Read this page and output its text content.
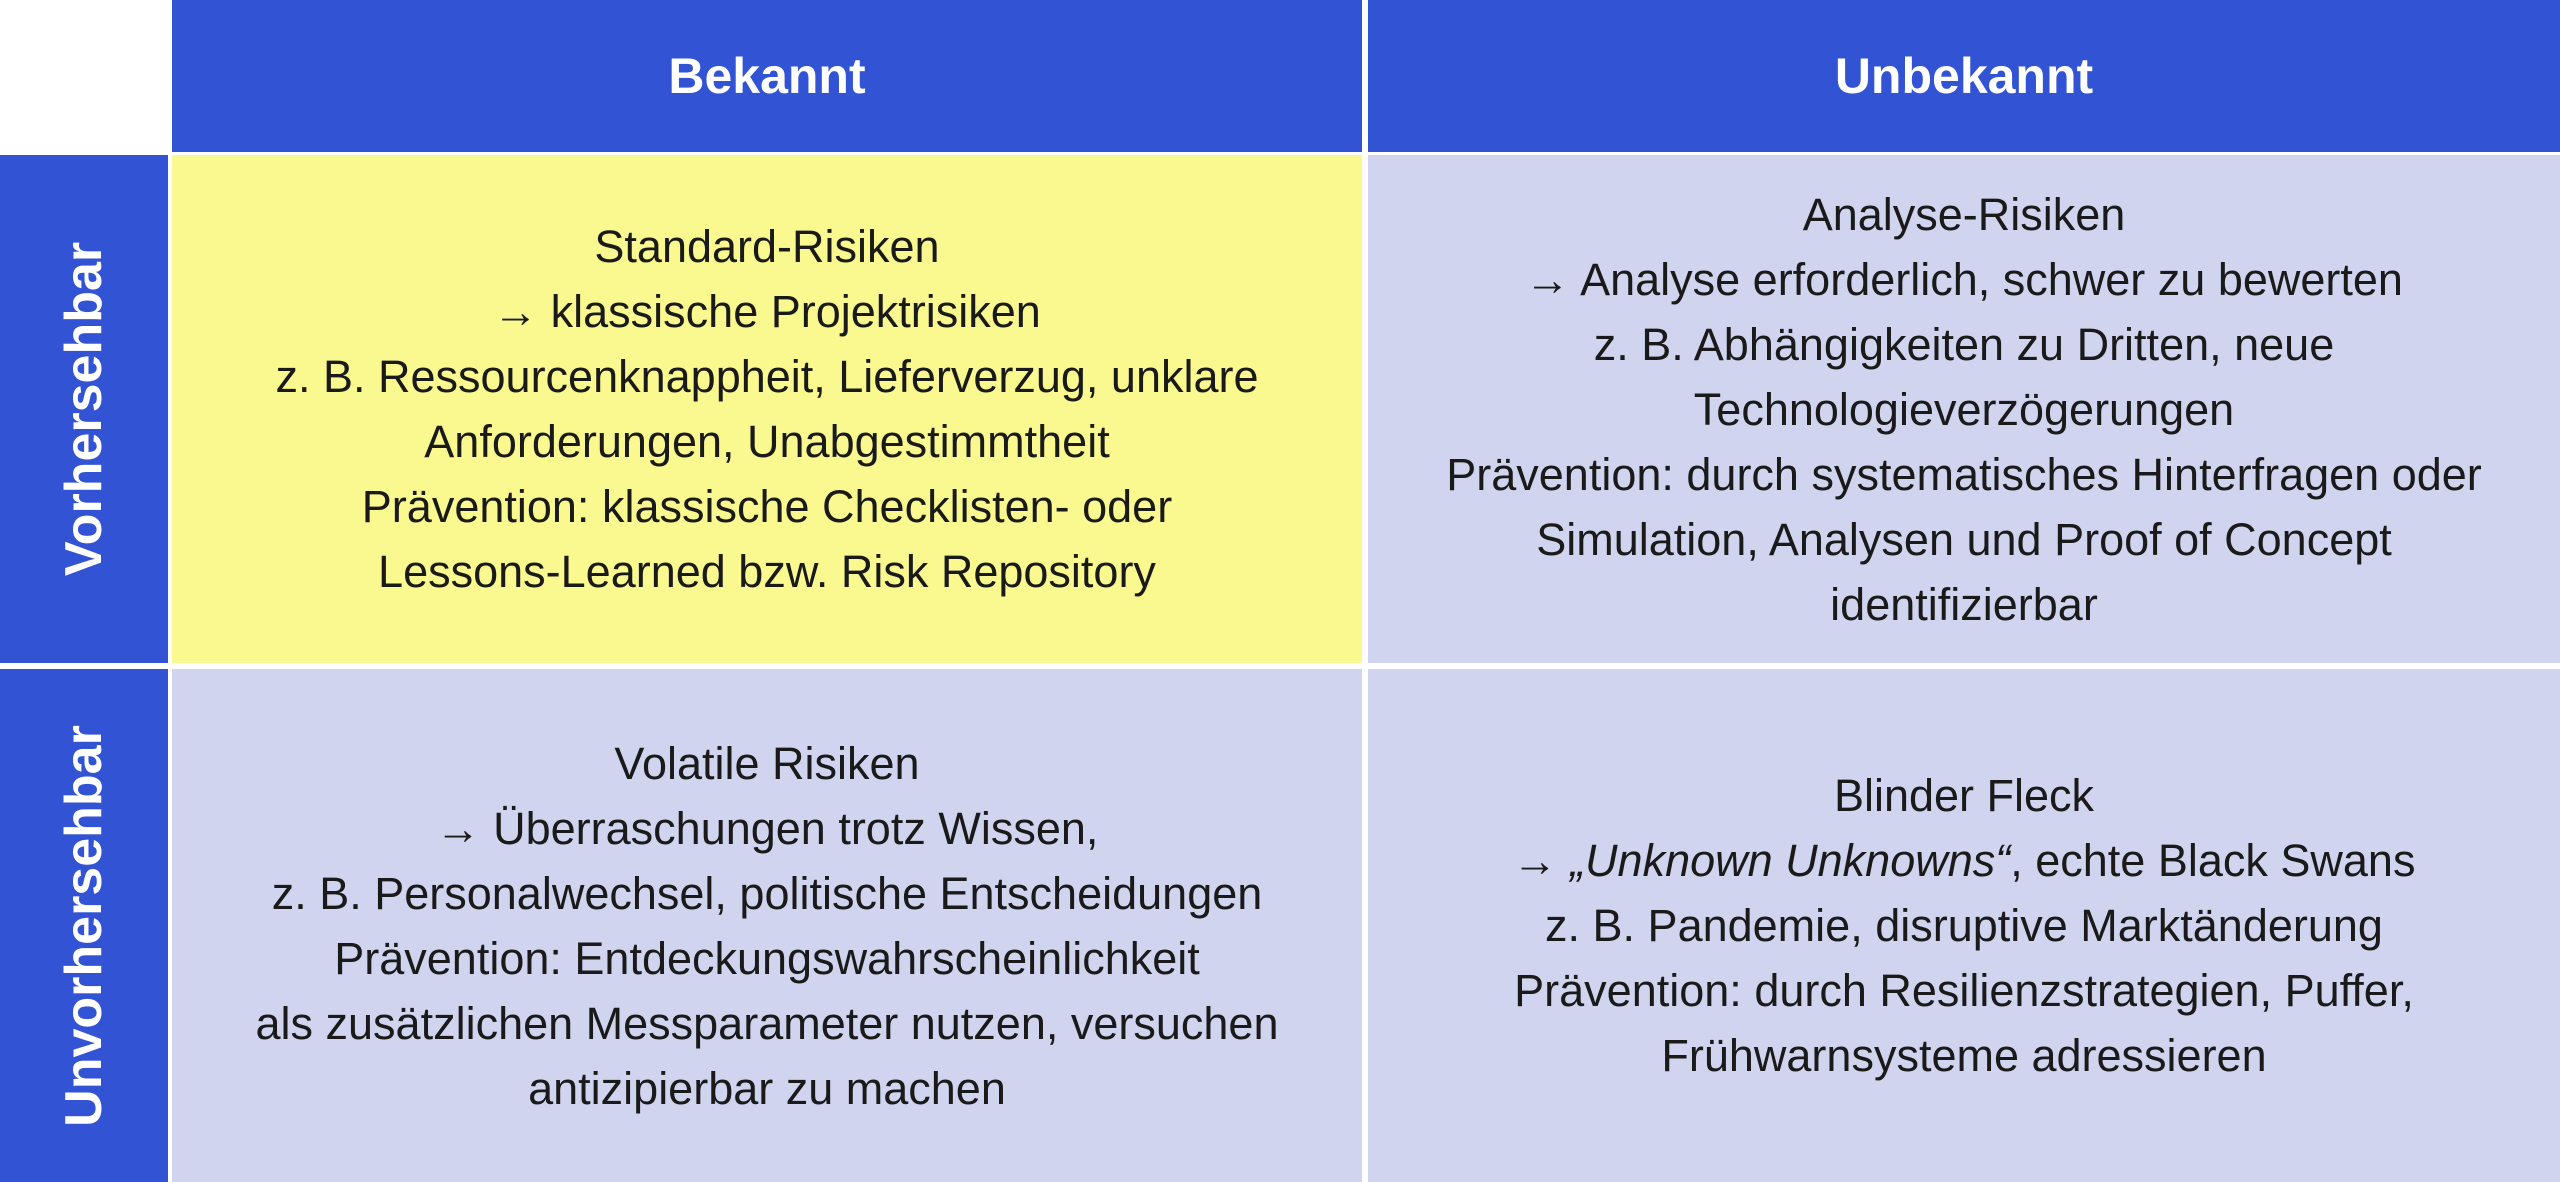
Bekannt	Unbekannt
Vorhersehbar
Unvorhersehbar
Standard-Risiken
→ klassische Projektrisiken
z. B. Ressourcenknappheit, Lieferverzug, unklare
Anforderungen, Unabgestimmtheit
Prävention: klassische Checklisten- oder
Lessons-Learned bzw. Risk Repository
Analyse-Risiken
→ Analyse erforderlich, schwer zu bewerten
z. B. Abhängigkeiten zu Dritten, neue
Technologieverzögerungen
Prävention: durch systematisches Hinterfragen oder
Simulation, Analysen und Proof of Concept
identifizierbar
Volatile Risiken
→ Überraschungen trotz Wissen,
z. B. Personalwechsel, politische Entscheidungen
Prävention: Entdeckungswahrscheinlichkeit
als zusätzlichen Messparameter nutzen, versuchen
antizipierbar zu machen
Blinder Fleck
→ „Unknown Unknowns“, echte Black Swans
z. B. Pandemie, disruptive Marktänderung
Prävention: durch Resilienzstrategien, Puffer,
Frühwarnsysteme adressieren
